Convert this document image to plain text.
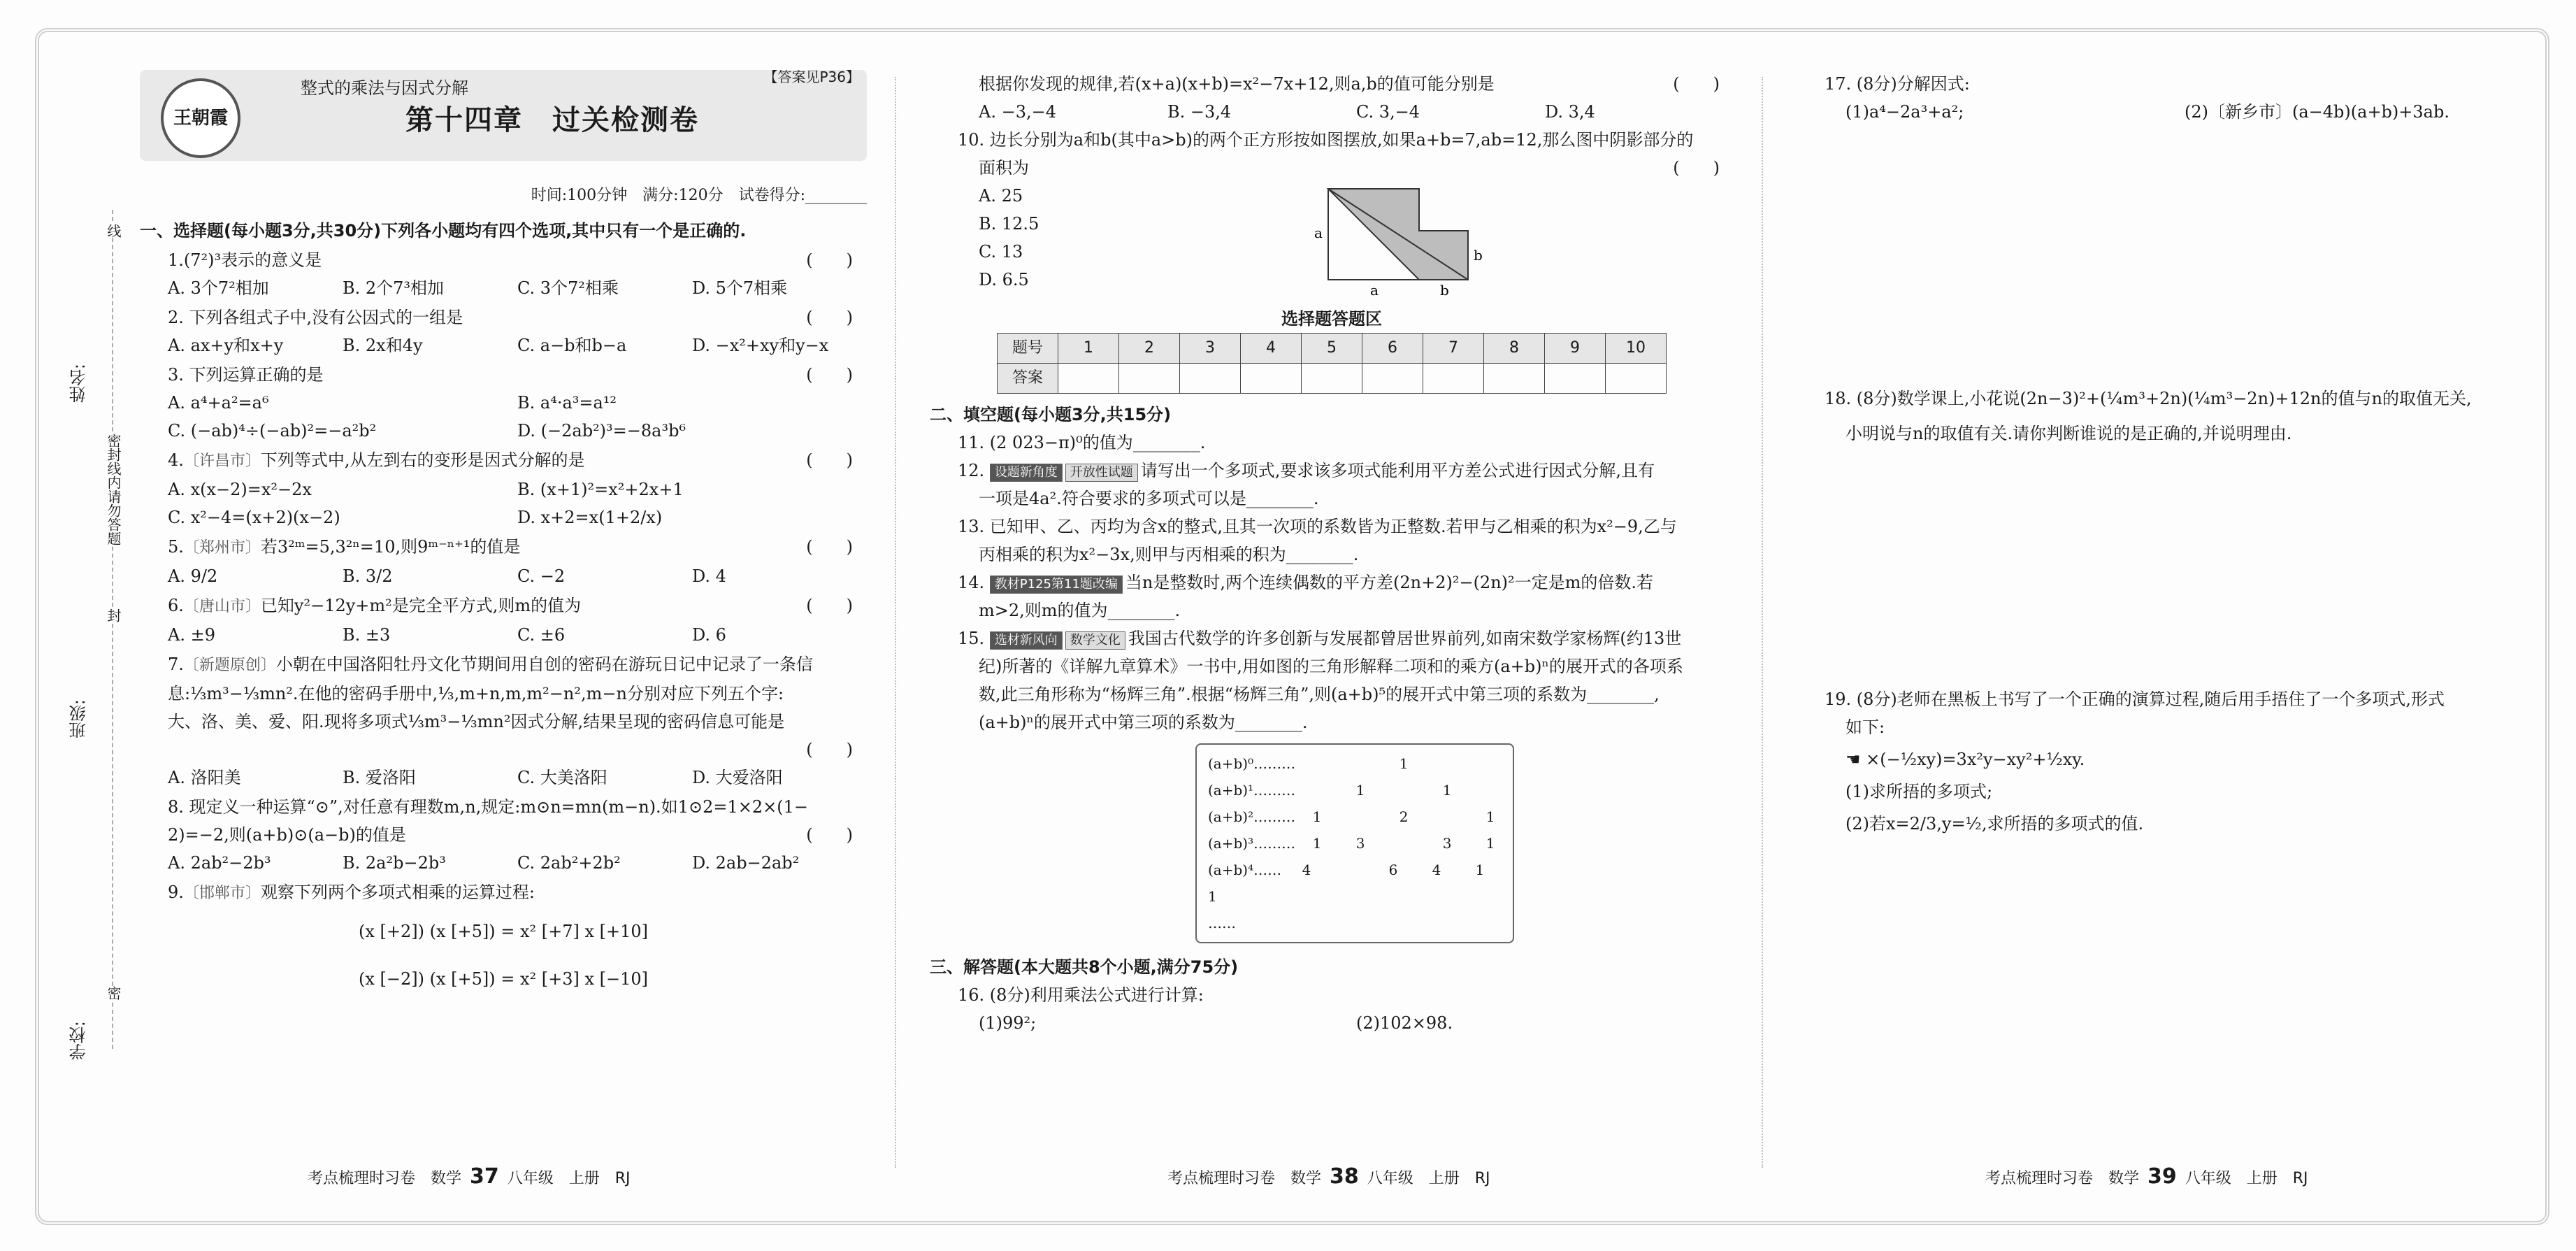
姓名:
班级:
学校:
线
密封线内请勿答题
封
密
王朝霞
整式的乘法与因式分解
第十四章　过关检测卷
【答案见P36】
时间:100分钟　满分:120分　试卷得分:________
一、选择题(每小题3分,共30分)下列各小题均有四个选项,其中只有一个是正确的.
(　　)
1.(7²)³表示的意义是
A. 3个7²相加	B. 2个7³相加	C. 3个7²相乘	D. 5个7相乘
(　　)
2. 下列各组式子中,没有公因式的一组是
A. ax+y和x+y	B. 2x和4y	C. a−b和b−a	D. −x²+xy和y−x
(　　)
3. 下列运算正确的是
A. a⁴+a²=a⁶	B. a⁴·a³=a¹²
C. (−ab)⁴÷(−ab)²=−a²b²	D. (−2ab²)³=−8a³b⁶
(　　)
4.〔许昌市〕下列等式中,从左到右的变形是因式分解的是
A. x(x−2)=x²−2x	B. (x+1)²=x²+2x+1
C. x²−4=(x+2)(x−2)	D. x+2=x(1+2/x)
(　　)
5.〔郑州市〕若3²ᵐ=5,3²ⁿ=10,则9ᵐ⁻ⁿ⁺¹的值是
A. 9/2	B. 3/2	C. −2	D. 4
(　　)
6.〔唐山市〕已知y²−12y+m²是完全平方式,则m的值为
A. ±9	B. ±3	C. ±6	D. 6
7.〔新题原创〕小朝在中国洛阳牡丹文化节期间用自创的密码在游玩日记中记录了一条信
息:⅓m³−⅓mn².在他的密码手册中,⅓,m+n,m,m²−n²,m−n分别对应下列五个字:
大、洛、美、爱、阳.现将多项式⅓m³−⅓mn²因式分解,结果呈现的密码信息可能是
(　　)

A. 洛阳美	B. 爱洛阳	C. 大美洛阳	D. 大爱洛阳
8. 现定义一种运算“⊙”,对任意有理数m,n,规定:m⊙n=mn(m−n).如1⊙2=1×2×(1−
(　　)
2)=−2,则(a+b)⊙(a−b)的值是
A. 2ab²−2b³	B. 2a²b−2b³	C. 2ab²+2b²	D. 2ab−2ab²
9.〔邯郸市〕观察下列两个多项式相乘的运算过程:
(x [+2]) (x [+5]) = x² [+7] x [+10]
(x [−2]) (x [+5]) = x² [+3] x [−10]
(　　)
根据你发现的规律,若(x+a)(x+b)=x²−7x+12,则a,b的值可能分别是
A. −3,−4	B. −3,4	C. 3,−4	D. 3,4
10. 边长分别为a和b(其中a>b)的两个正方形按如图摆放,如果a+b=7,ab=12,那么图中阴影部分的
(　　)
面积为
A. 25
B. 12.5
C. 13
D. 6.5
a
b
a	b
选择题答题区
题号	1	2	3	4	5	6	7	8	9	10
答案										
二、填空题(每小题3分,共15分)
11. (2 023−π)⁰的值为________.
12. 设题新角度 开放性试题 请写出一个多项式,要求该多项式能利用平方差公式进行因式分解,且有
一项是4a².符合要求的多项式可以是________.
13. 已知甲、乙、丙均为含x的整式,且其一次项的系数皆为正整数.若甲与乙相乘的积为x²−9,乙与
丙相乘的积为x²−3x,则甲与丙相乘的积为________.
14. 教材P125第11题改编 当n是整数时,两个连续偶数的平方差(2n+2)²−(2n)²一定是m的倍数.若
m>2,则m的值为________.
15. 选材新风向 数学文化 我国古代数学的许多创新与发展都曾居世界前列,如南宋数学家杨辉(约13世
纪)所著的《详解九章算术》一书中,用如图的三角形解释二项和的乘方(a+b)ⁿ的展开式的各项系
数,此三角形称为“杨辉三角”.根据“杨辉三角”,则(a+b)⁵的展开式中第三项的系数为________,
(a+b)ⁿ的展开式中第三项的系数为________.
(a+b)⁰………	1
(a+b)¹………	1	1
(a+b)²………	1	2	1
(a+b)³………	1	3	3	1
(a+b)⁴……1
4	6	4	1
……
三、解答题(本大题共8个小题,满分75分)
16. (8分)利用乘法公式进行计算:
(1)99²;	(2)102×98.
17. (8分)分解因式:
(1)a⁴−2a³+a²;	(2)〔新乡市〕(a−4b)(a+b)+3ab.
18. (8分)数学课上,小花说(2n−3)²+(¼m³+2n)(¼m³−2n)+12n的值与n的取值无关,
小明说与n的取值有关.请你判断谁说的是正确的,并说明理由.
19. (8分)老师在黑板上书写了一个正确的演算过程,随后用手捂住了一个多项式,形式
如下:
☚ ×(−½xy)=3x²y−xy²+½xy.
(1)求所捂的多项式;
(2)若x=2/3,y=½,求所捂的多项式的值.
考点梳理时习卷　数学 37 八年级　上册　RJ	考点梳理时习卷　数学 38 八年级　上册　RJ	考点梳理时习卷　数学 39 八年级　上册　RJ
